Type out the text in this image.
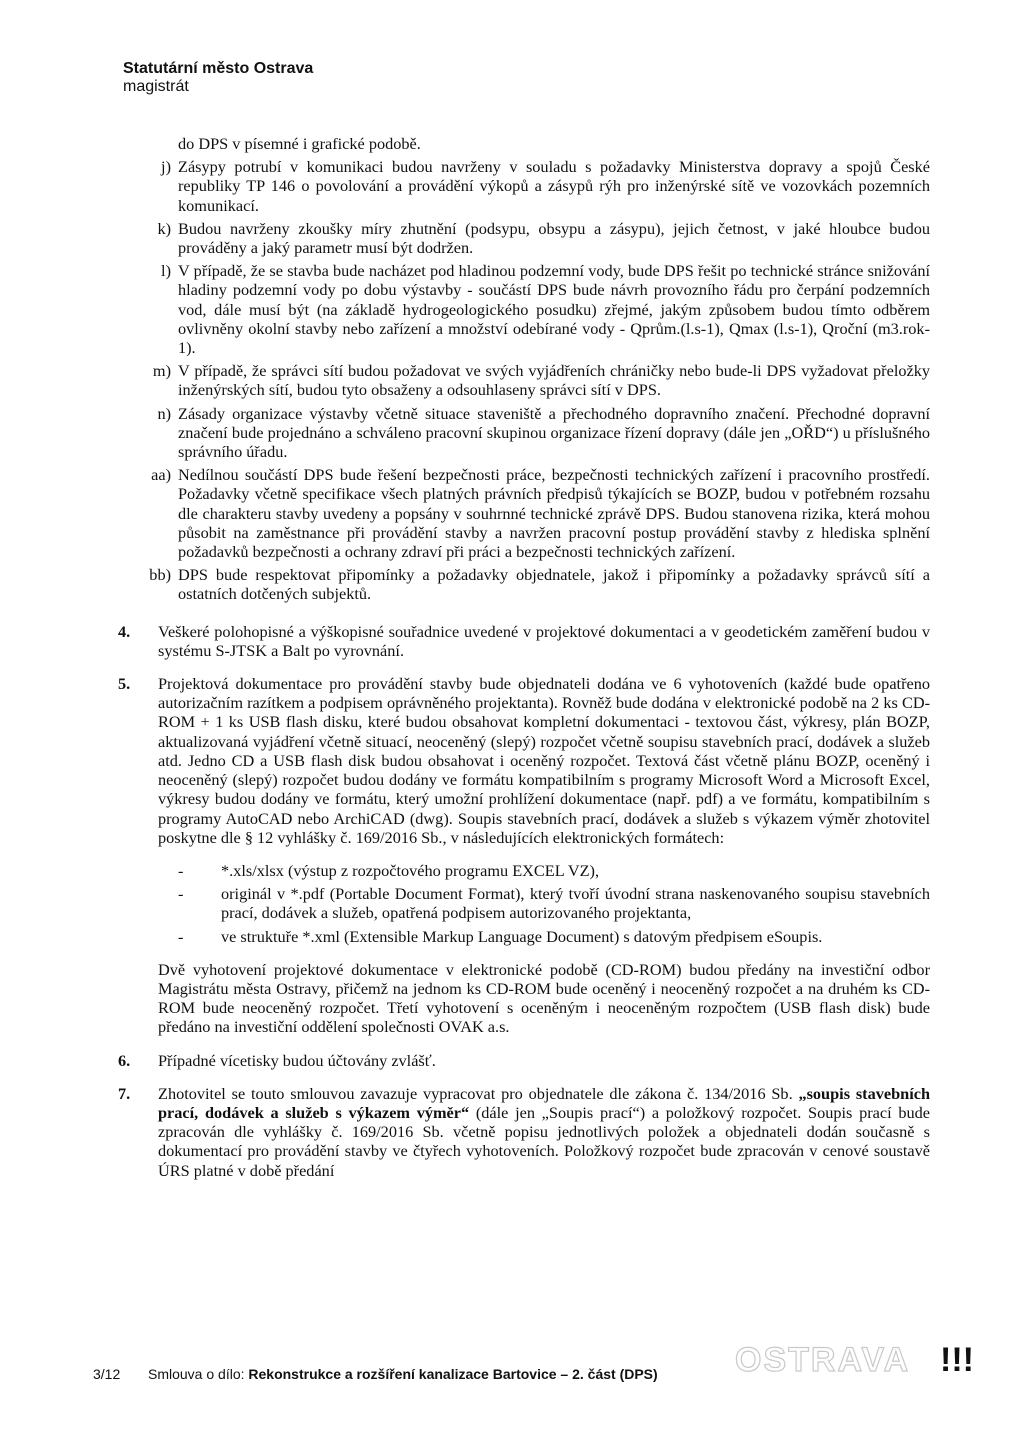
Statutární město Ostrava
magistrát
do DPS v písemné i grafické podobě.
j) Zásypy potrubí v komunikaci budou navrženy v souladu s požadavky Ministerstva dopravy a spojů České republiky TP 146 o povolování a provádění výkopů a zásypů rýh pro inženýrské sítě ve vozovkách pozemních komunikací.
k) Budou navrženy zkoušky míry zhutnění (podsypu, obsypu a zásypu), jejich četnost, v jaké hloubce budou prováděny a jaký parametr musí být dodržen.
l) V případě, že se stavba bude nacházet pod hladinou podzemní vody, bude DPS řešit po technické stránce snižování hladiny podzemní vody po dobu výstavby - součástí DPS bude návrh provozního řádu pro čerpání podzemních vod, dále musí být (na základě hydrogeologického posudku) zřejmé, jakým způsobem budou tímto odběrem ovlivněny okolní stavby nebo zařízení a množství odebírané vody - Qprům.(l.s-1), Qmax (l.s-1), Qroční (m3.rok-1).
m) V případě, že správci sítí budou požadovat ve svých vyjádřeních chráničky nebo bude-li DPS vyžadovat přeložky inženýrských sítí, budou tyto obsaženy a odsouhlaseny správci sítí v DPS.
n) Zásady organizace výstavby včetně situace staveniště a přechodného dopravního značení. Přechodné dopravní značení bude projednáno a schváleno pracovní skupinou organizace řízení dopravy (dále jen „OŘD“) u příslušného správního úřadu.
aa) Nedílnou součástí DPS bude řešení bezpečnosti práce, bezpečnosti technických zařízení i pracovního prostředí. Požadavky včetně specifikace všech platných právních předpisů týkajících se BOZP, budou v potřebném rozsahu dle charakteru stavby uvedeny a popsány v souhrnné technické zprávě DPS. Budou stanovena rizika, která mohou působit na zaměstnance při provádění stavby a navržen pracovní postup provádění stavby z hlediska splnění požadavků bezpečnosti a ochrany zdraví při práci a bezpečnosti technických zařízení.
bb) DPS bude respektovat připomínky a požadavky objednatele, jakož i připomínky a požadavky správců sítí a ostatních dotčených subjektů.
4.	Veškeré polohopisné a výškopisné souřadnice uvedené v projektové dokumentaci a v geodetickém zaměření budou v systému S-JTSK a Balt po vyrovnání.
5.	Projektová dokumentace pro provádění stavby bude objednateli dodána ve 6 vyhotoveních (každé bude opatřeno autorizačním razítkem a podpisem oprávněného projektanta). Rovněž bude dodána v elektronické podobě na 2 ks CD-ROM + 1 ks USB flash disku, které budou obsahovat kompletní dokumentaci - textovou část, výkresy, plán BOZP, aktualizovaná vyjádření včetně situací, neoceněný (slepý) rozpočet včetně soupisu stavebních prací, dodávek a služeb atd. Jedno CD a USB flash disk budou obsahovat i oceněný rozpočet. Textová část včetně plánu BOZP, oceněný i neoceněný (slepý) rozpočet budou dodány ve formátu kompatibilním s programy Microsoft Word a Microsoft Excel, výkresy budou dodány ve formátu, který umožní prohlížení dokumentace (např. pdf) a ve formátu, kompatibilním s programy AutoCAD nebo ArchiCAD (dwg). Soupis stavebních prací, dodávek a služeb s výkazem výměr zhotovitel poskytne dle § 12 vyhlášky č. 169/2016 Sb., v následujících elektronických formátech:
-	*.xls/xlsx (výstup z rozpočtového programu EXCEL VZ),
-	originál v *.pdf (Portable Document Format), který tvoří úvodní strana naskenovaného soupisu stavebních prací, dodávek a služeb, opatřená podpisem autorizovaného projektanta,
-	ve struktuře *.xml (Extensible Markup Language Document) s datovým předpisem eSoupis.
Dvě vyhotovení projektové dokumentace v elektronické podobě (CD-ROM) budou předány na investiční odbor Magistrátu města Ostravy, přičemž na jednom ks CD-ROM bude oceněný i neoceněný rozpočet a na druhém ks CD-ROM bude neoceněný rozpočet. Třetí vyhotovení s oceněným i neoceněným rozpočtem (USB flash disk) bude předáno na investiční oddělení společnosti OVAK a.s.
6.	Případné vícetisky budou účtovány zvlášť.
7.	Zhotovitel se touto smlouvou zavazuje vypracovat pro objednatele dle zákona č. 134/2016 Sb. „soupis stavebních prací, dodávek a služeb s výkazem výměr“ (dále jen „Soupis prací“) a položkový rozpočet. Soupis prací bude zpracován dle vyhlášky č. 169/2016 Sb. včetně popisu jednotlivých položek a objednateli dodán současně s dokumentací pro provádění stavby ve čtyřech vyhotoveních. Položkový rozpočet bude zpracován v cenové soustavě ÚRS platné v době předání
3/12 Smlouva o dílo: Rekonstrukce a rozšíření kanalizace Bartovice – 2. část (DPS) OSTRAVA !!!
